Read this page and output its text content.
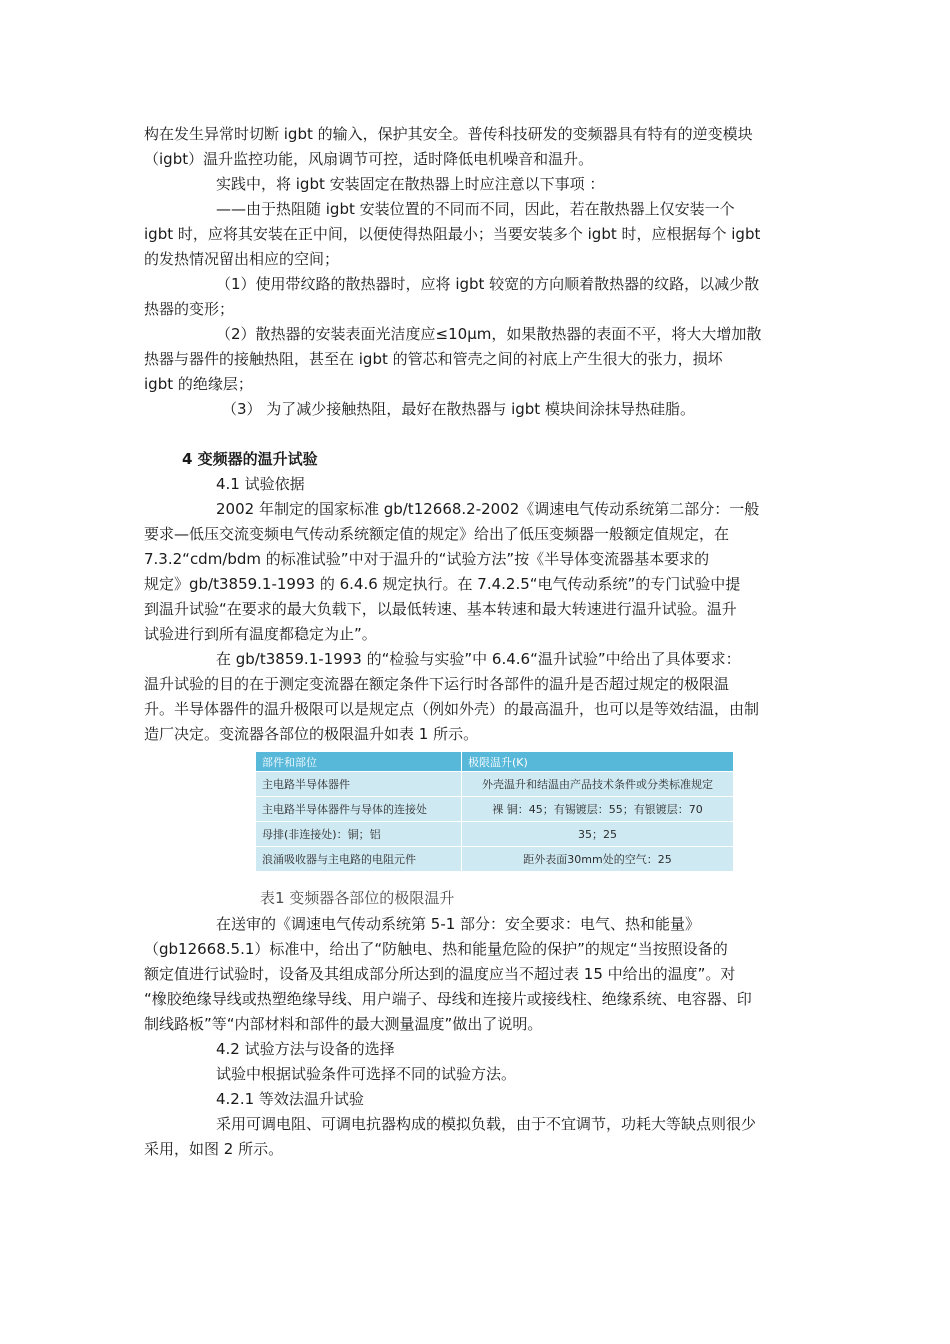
构在发生异常时切断 igbt 的输入，保护其安全。普传科技研发的变频器具有特有的逆变模块
（igbt）温升监控功能，风扇调节可控，适时降低电机噪音和温升。
实践中，将 igbt 安装固定在散热器上时应注意以下事项 ：
——由于热阻随 igbt 安装位置的不同而不同，因此，若在散热器上仅安装一个
igbt 时，应将其安装在正中间，以便使得热阻最小；当要安装多个 igbt 时，应根据每个 igbt
的发热情况留出相应的空间；
（1）使用带纹路的散热器时，应将 igbt 较宽的方向顺着散热器的纹路，以减少散
热器的变形；
（2）散热器的安装表面光洁度应≤10μm，如果散热器的表面不平，将大大增加散
热器与器件的接触热阻，甚至在 igbt 的管芯和管壳之间的衬底上产生很大的张力，损坏
igbt 的绝缘层；
（3） 为了减少接触热阻，最好在散热器与 igbt 模块间涂抹导热硅脂。
4 变频器的温升试验
4.1 试验依据
2002 年制定的国家标准 gb/t12668.2-2002《调速电气传动系统第二部分：一般
要求—低压交流变频电气传动系统额定值的规定》给出了低压变频器一般额定值规定，在
7.3.2“cdm/bdm 的标准试验”中对于温升的“试验方法”按《半导体变流器基本要求的
规定》gb/t3859.1-1993 的 6.4.6 规定执行。在 7.4.2.5“电气传动系统”的专门试验中提
到温升试验“在要求的最大负载下，以最低转速、基本转速和最大转速进行温升试验。温升
试验进行到所有温度都稳定为止”。
在 gb/t3859.1-1993 的“检验与实验”中 6.4.6“温升试验”中给出了具体要求：
温升试验的目的在于测定变流器在额定条件下运行时各部件的温升是否超过规定的极限温
升。半导体器件的温升极限可以是规定点（例如外壳）的最高温升，也可以是等效结温，由制
造厂决定。变流器各部位的极限温升如表 1 所示。
部件和部位	极限温升(K)
主电路半导体器件	外壳温升和结温由产品技术条件或分类标准规定
主电路半导体器件与导体的连接处	裸 铜：45；有锡镀层：55；有银镀层：70
母排(非连接处)：铜；铝	35；25
浪涌吸收器与主电路的电阻元件	距外表面30mm处的空气：25
表1 变频器各部位的极限温升
在送审的《调速电气传动系统第 5-1 部分：安全要求：电气、热和能量》
（gb12668.5.1）标准中，给出了“防触电、热和能量危险的保护”的规定“当按照设备的
额定值进行试验时，设备及其组成部分所达到的温度应当不超过表 15 中给出的温度”。对
“橡胶绝缘导线或热塑绝缘导线、用户端子、母线和连接片或接线柱、绝缘系统、电容器、印
制线路板”等“内部材料和部件的最大测量温度”做出了说明。
4.2 试验方法与设备的选择
试验中根据试验条件可选择不同的试验方法。
4.2.1 等效法温升试验
采用可调电阻、可调电抗器构成的模拟负载，由于不宜调节，功耗大等缺点则很少
采用，如图 2 所示。
